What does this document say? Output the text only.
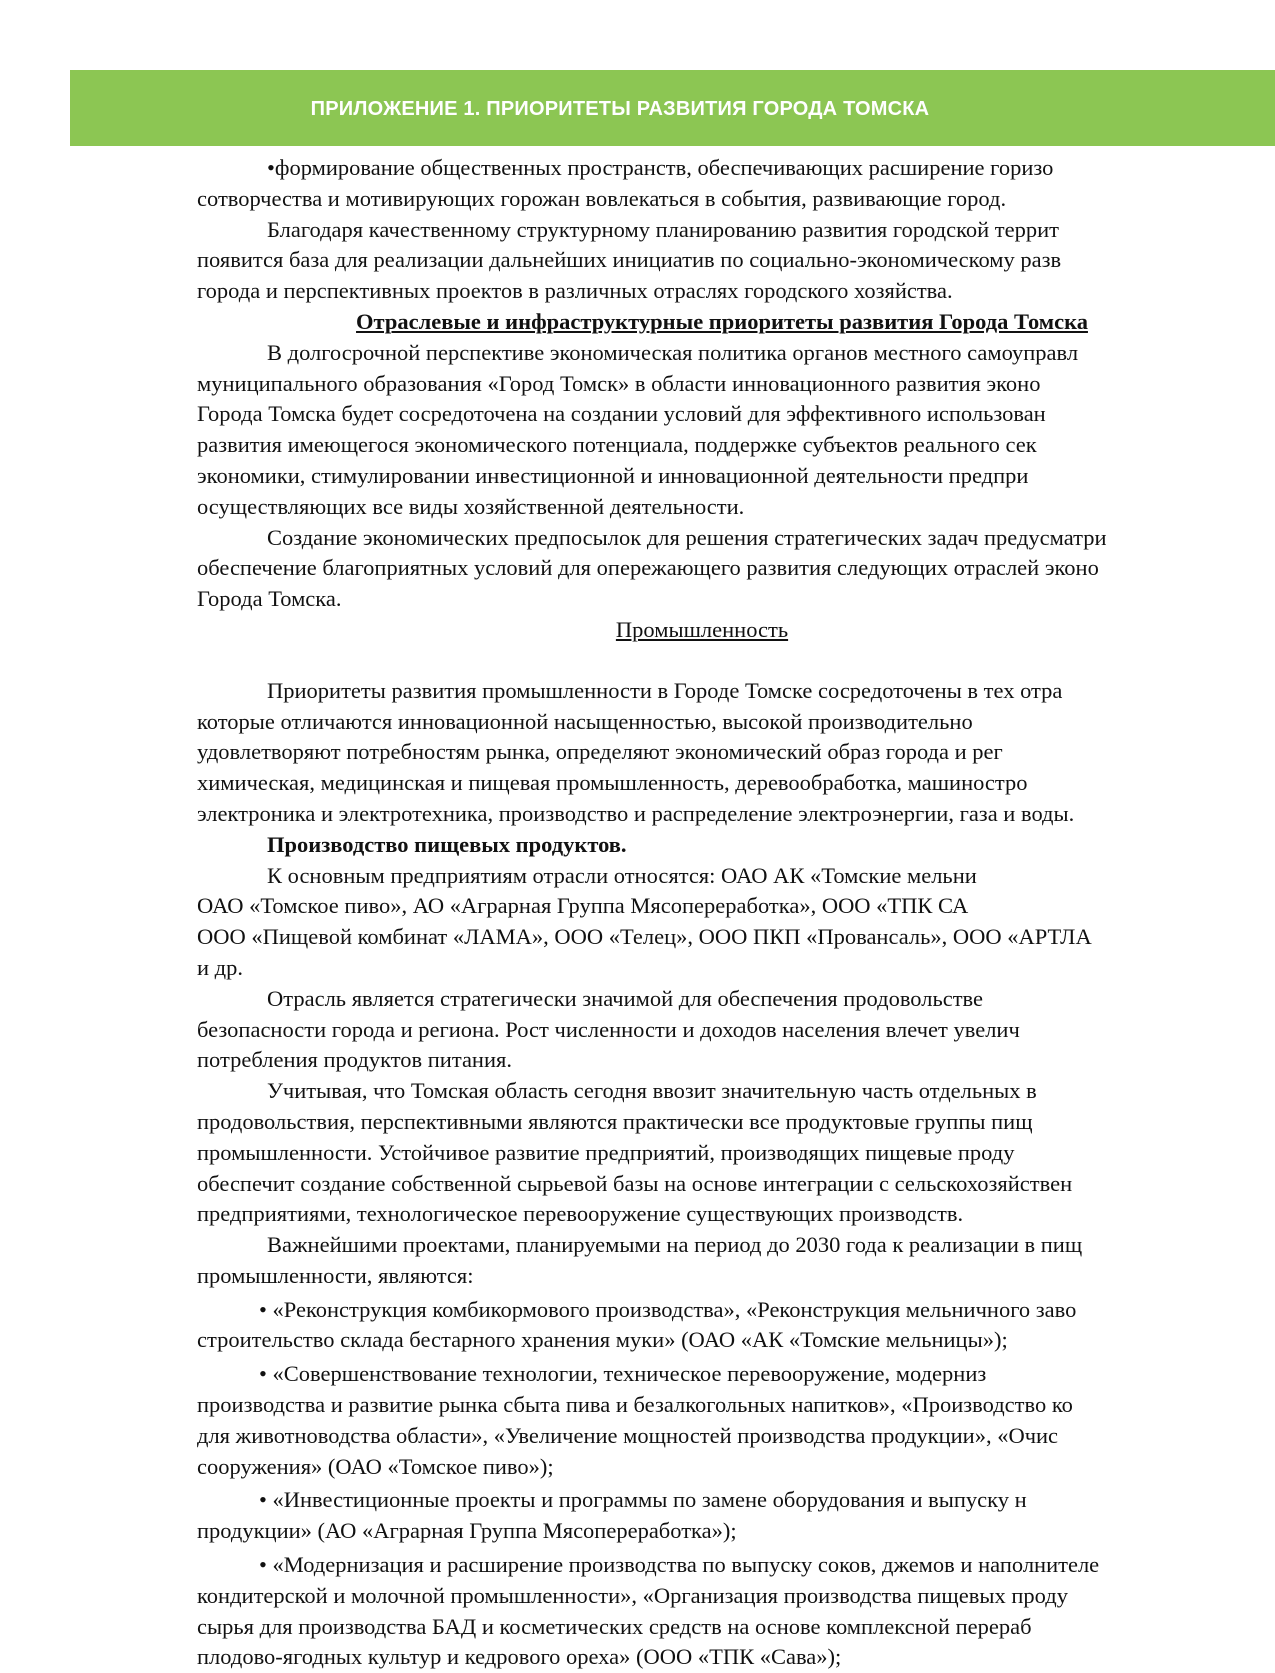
ПРИЛОЖЕНИЕ 1. ПРИОРИТЕТЫ РАЗВИТИЯ ГОРОДА ТОМСКА
•формирование общественных пространств, обеспечивающих расширение горизо
сотворчества и мотивирующих горожан вовлекаться в события, развивающие город.
Благодаря качественному структурному планированию развития городской террит
появится база для реализации дальнейших инициатив по социально-экономическому разв
города и перспективных проектов в различных отраслях городского хозяйства.
Отраслевые и инфраструктурные приоритеты развития Города Томска
В долгосрочной перспективе экономическая политика органов местного самоуправл
муниципального образования «Город Томск» в области инновационного развития эконо
Города Томска будет сосредоточена на создании условий для эффективного использован
развития имеющегося экономического потенциала, поддержке субъектов реального сек
экономики, стимулировании инвестиционной и инновационной деятельности предпри
осуществляющих все виды хозяйственной деятельности.
Создание экономических предпосылок для решения стратегических задач предусматри
обеспечение благоприятных условий для опережающего развития следующих отраслей эконо
Города Томска.
Промышленность
Приоритеты развития промышленности в Городе Томске сосредоточены в тех отра
которые отличаются инновационной насыщенностью, высокой производительно
удовлетворяют потребностям рынка, определяют экономический образ города и рег
химическая, медицинская и пищевая промышленность, деревообработка, машиностро
электроника и электротехника, производство и распределение электроэнергии, газа и воды.
Производство пищевых продуктов.
К основным предприятиям отрасли относятся: ОАО АК «Томские мельни
ОАО «Томское пиво», АО «Аграрная Группа Мясопереработка», ООО «ТПК СА
ООО «Пищевой комбинат «ЛАМА», ООО «Телец», ООО ПКП «Провансаль», ООО «АРТЛА
и др.
Отрасль является стратегически значимой для обеспечения продовольстве
безопасности города и региона. Рост численности и доходов населения влечет увелич
потребления продуктов питания.
Учитывая, что Томская область сегодня ввозит значительную часть отдельных в
продовольствия, перспективными являются практически все продуктовые группы пищ
промышленности. Устойчивое развитие предприятий, производящих пищевые проду
обеспечит создание собственной сырьевой базы на основе интеграции с сельскохозяйствен
предприятиями, технологическое перевооружение существующих производств.
Важнейшими проектами, планируемыми на период до 2030 года к реализации в пищ
промышленности, являются:
• «Реконструкция комбикормового производства», «Реконструкция мельничного заво
строительство склада бестарного хранения муки» (ОАО «АК «Томские мельницы»);
• «Совершенствование технологии, техническое перевооружение, модерниз
производства и развитие рынка сбыта пива и безалкогольных напитков», «Производство ко
для животноводства области», «Увеличение мощностей производства продукции», «Очис
сооружения» (ОАО «Томское пиво»);
• «Инвестиционные проекты и программы по замене оборудования и выпуску н
продукции» (АО «Аграрная Группа Мясопереработка»);
• «Модернизация и расширение производства по выпуску соков, джемов и наполнителе
кондитерской и молочной промышленности», «Организация производства пищевых проду
сырья для производства БАД и косметических средств на основе комплексной перераб
плодово-ягодных культур и кедрового ореха» (ООО «ТПК «Сава»);
